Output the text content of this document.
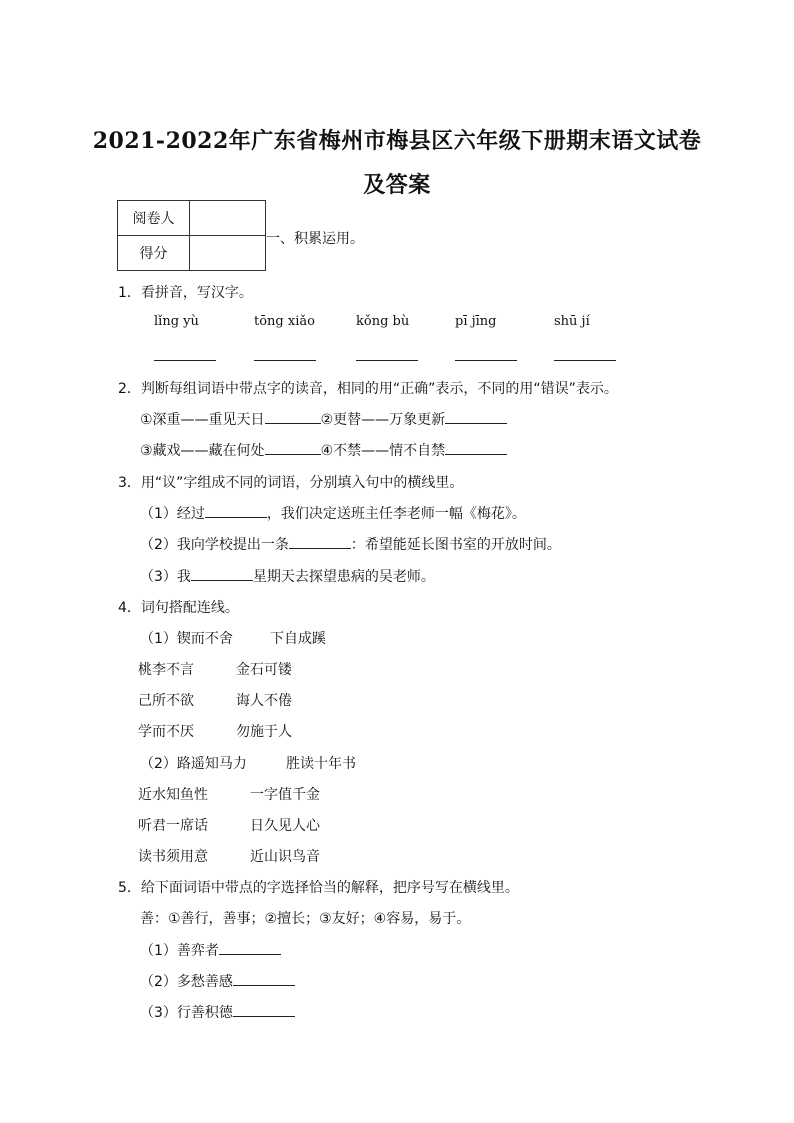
2021-2022年广东省梅州市梅县区六年级下册期末语文试卷
及答案
阅卷人	
得分	
一、积累运用。
1．看拼音，写汉字。
lǐng yù	tōng xiǎo	kǒng bù	pī jīng	shū jí
2．判断每组词语中带点字的读音，相同的用“正确”表示，不同的用“错误”表示。
①深重——重见天日	②更替——万象更新
③藏戏——藏在何处	④不禁——情不自禁
3．用“议”字组成不同的词语，分别填入句中的横线里。
（1）经过	，我们决定送班主任李老师一幅《梅花》。
（2）我向学校提出一条	：希望能延长图书室的开放时间。
（3）我	星期天去探望患病的吴老师。
4．词句搭配连线。
（1）锲而不舍	下自成蹊
桃李不言	金石可镂
己所不欲	诲人不倦
学而不厌	勿施于人
（2）路遥知马力	胜读十年书
近水知鱼性	一字值千金
听君一席话	日久见人心
读书须用意	近山识鸟音
5．给下面词语中带点的字选择恰当的解释，把序号写在横线里。
善：①善行，善事；②擅长；③友好；④容易，易于。
（1）善弈者
（2）多愁善感
（3）行善积德
